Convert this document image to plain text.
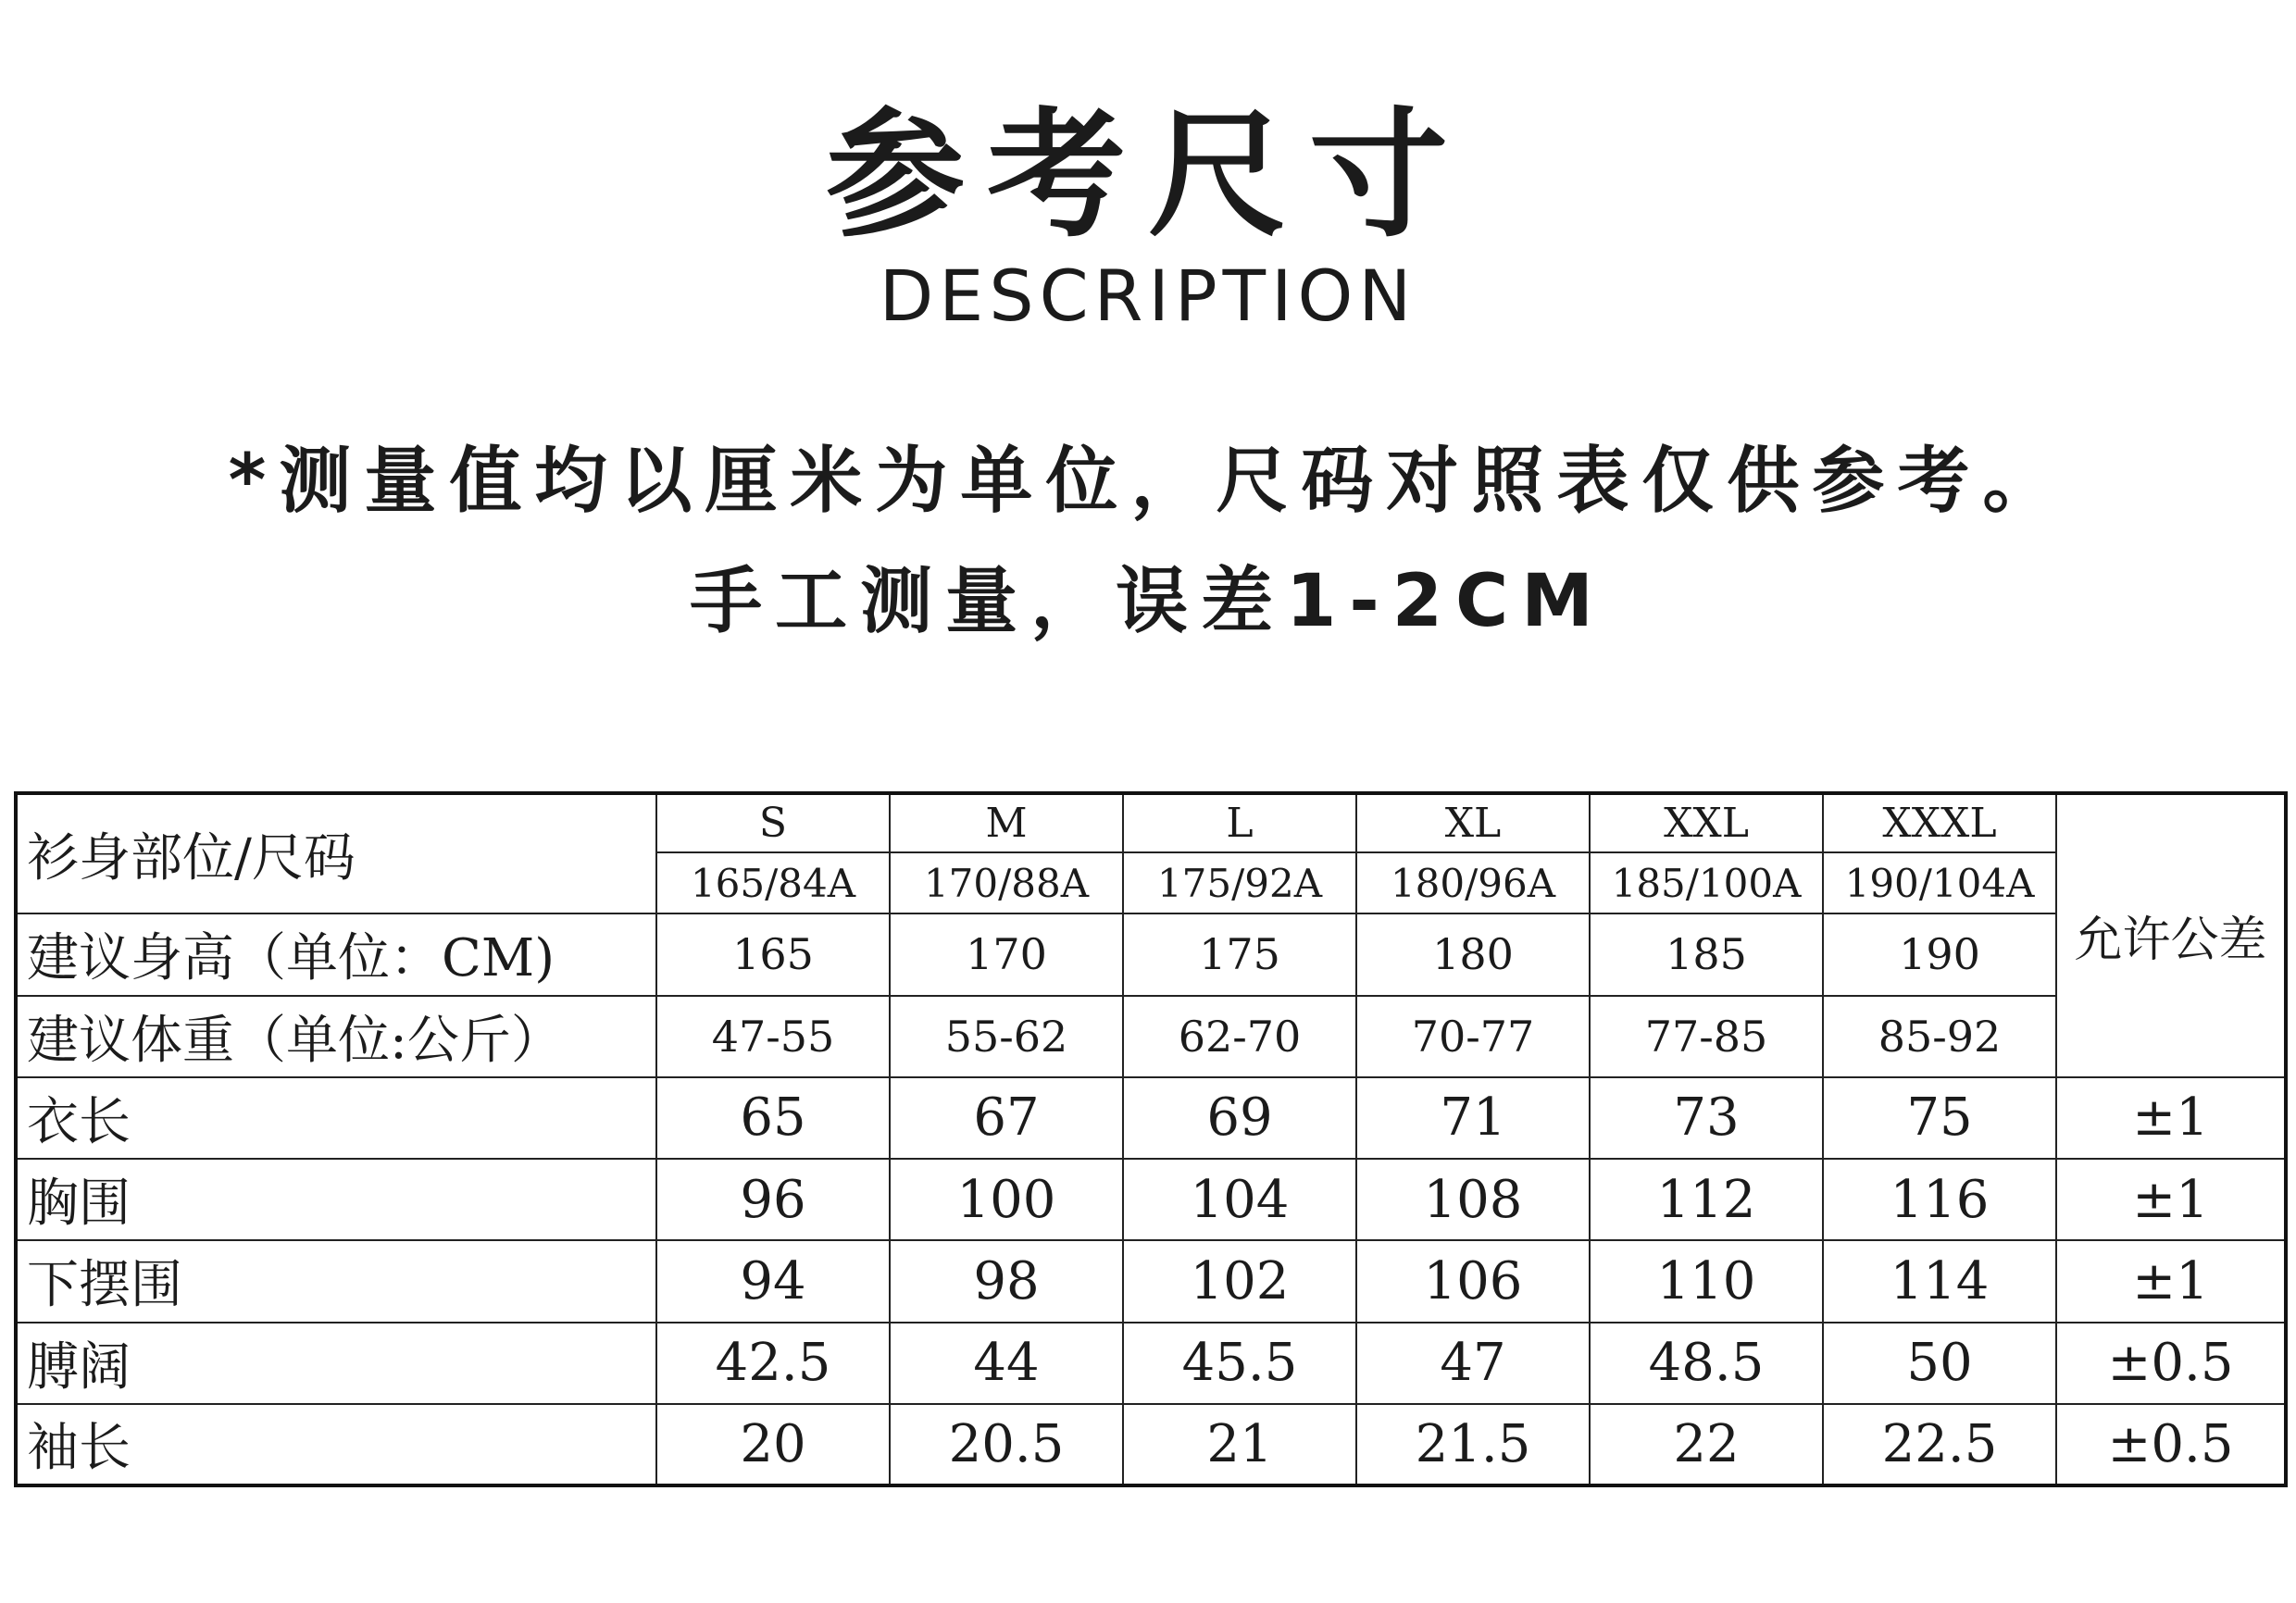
参考尺寸
DESCRIPTION
*测量值均以厘米为单位，尺码对照表仅供参考。
手工测量，误差1-2CM
衫身部位/尺码	S	M	L	XL	XXL	XXXL	允许公差
	165/84A	170/88A	175/92A	180/96A	185/100A	190/104A	
建议身高（单位：CM)	165	170	175	180	185	190	
建议体重（单位:公斤）	47-55	55-62	62-70	70-77	77-85	85-92	
衣长	65	67	69	71	73	75	±1
胸围	96	100	104	108	112	116	±1
下摆围	94	98	102	106	110	114	±1
膊阔	42.5	44	45.5	47	48.5	50	±0.5
袖长	20	20.5	21	21.5	22	22.5	±0.5
